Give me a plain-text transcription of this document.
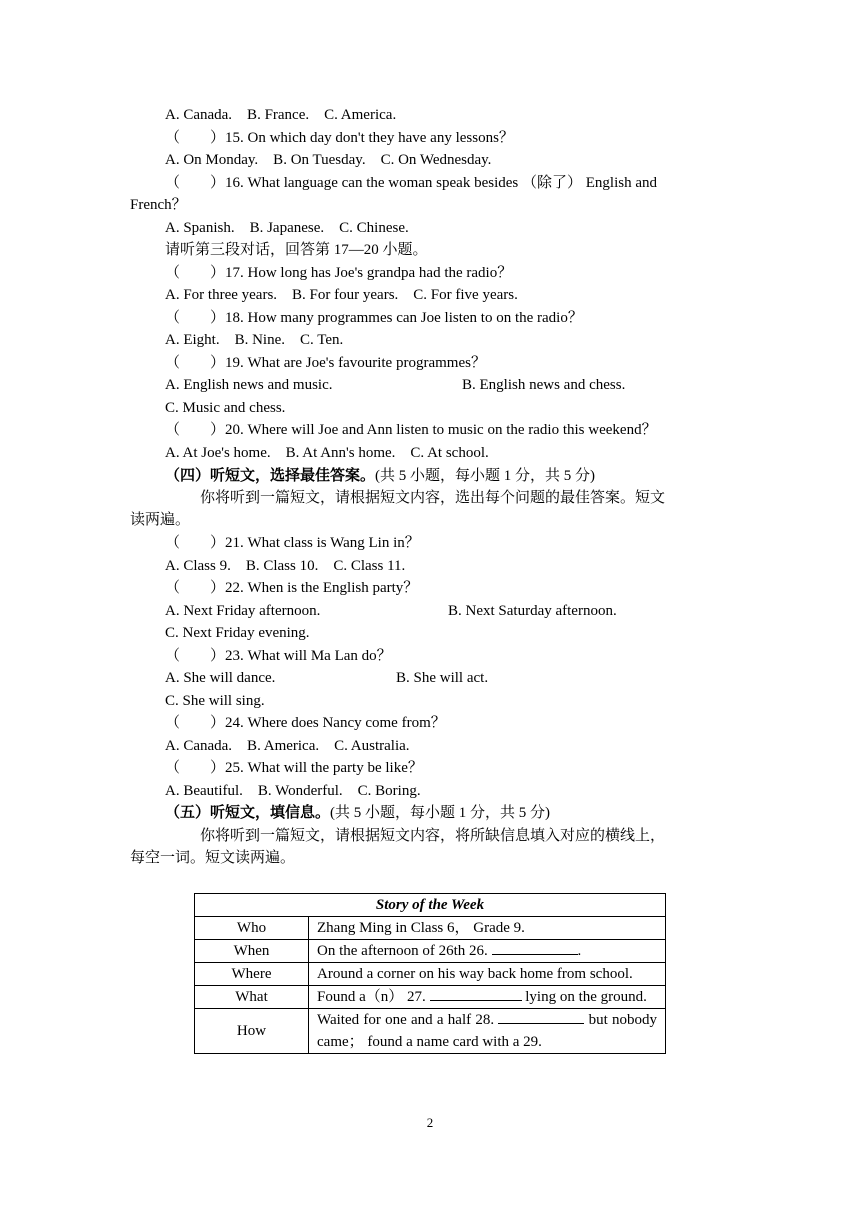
A. Canada.    B. France.    C. America.
（        ）15. On which day don't they have any lessons？
A. On Monday.    B. On Tuesday.    C. On Wednesday.
（        ）16. What language can the woman speak besides （除了） English and
French？
A. Spanish.    B. Japanese.    C. Chinese.
请听第三段对话，回答第 17—20 小题。
（        ）17. How long has Joe's grandpa had the radio？
A. For three years.    B. For four years.    C. For five years.
（        ）18. How many programmes can Joe listen to on the radio？
A. Eight.    B. Nine.    C. Ten.
（        ）19. What are Joe's favourite programmes？
A. English news and music.	B. English news and chess.
C. Music and chess.
（        ）20. Where will Joe and Ann listen to music on the radio this weekend？
A. At Joe's home.    B. At Ann's home.    C. At school.
（四）听短文，选择最佳答案。(共 5 小题，每小题 1 分，共 5 分)
你将听到一篇短文，请根据短文内容，选出每个问题的最佳答案。短文
读两遍。
（        ）21. What class is Wang Lin in？
A. Class 9.    B. Class 10.    C. Class 11.
（        ）22. When is the English party？
A. Next Friday afternoon.	B. Next Saturday afternoon.
C. Next Friday evening.
（        ）23. What will Ma Lan do？
A. She will dance.	B. She will act.
C. She will sing.
（        ）24. Where does Nancy come from？
A. Canada.    B. America.    C. Australia.
（        ）25. What will the party be like？
A. Beautiful.    B. Wonderful.    C. Boring.
（五）听短文，填信息。(共 5 小题，每小题 1 分，共 5 分)
你将听到一篇短文，请根据短文内容，将所缺信息填入对应的横线上，
每空一词。短文读两遍。
Story of the Week	
Who	Zhang Ming in Class 6， Grade 9.
When	On the afternoon of 26th 26. .
Where	Around a corner on his way back home from school.
What	Found a（n） 27. lying on the ground.
How	Waited for one and a half 28. but nobody came； found a name card with a 29.
2
